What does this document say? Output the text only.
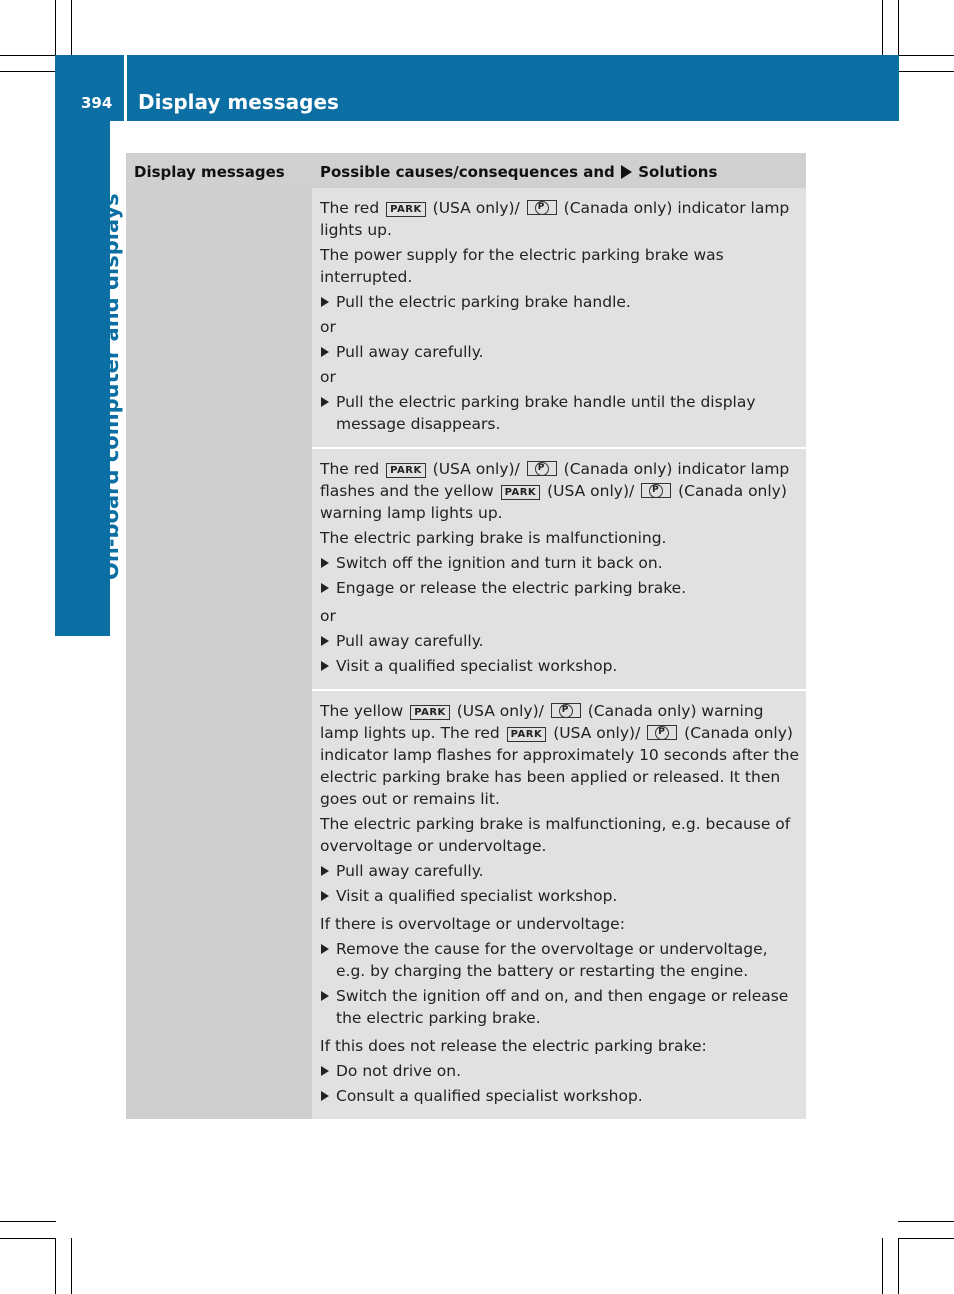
394 Display messages
On-board computer and displays
Display messages	Possible causes/consequences and Solutions
The red PARK (USA only)/ P (Canada only) indicator lamp lights up.
The power supply for the electric parking brake was interrupted.
Pull the electric parking brake handle.
or
Pull away carefully.
or
Pull the electric parking brake handle until the display message disappears.
The red PARK (USA only)/ P (Canada only) indicator lamp flashes and the yellow PARK (USA only)/ P (Canada only) warning lamp lights up.
The electric parking brake is malfunctioning.
Switch off the ignition and turn it back on.
Engage or release the electric parking brake.
or
Pull away carefully.
Visit a qualified specialist workshop.
The yellow PARK (USA only)/ P (Canada only) warning lamp lights up. The red PARK (USA only)/ P (Canada only) indicator lamp flashes for approximately 10 seconds after the electric parking brake has been applied or released. It then goes out or remains lit.
The electric parking brake is malfunctioning, e.g. because of overvoltage or undervoltage.
Pull away carefully.
Visit a qualified specialist workshop.
If there is overvoltage or undervoltage:
Remove the cause for the overvoltage or undervoltage, e.g. by charging the battery or restarting the engine.
Switch the ignition off and on, and then engage or release the electric parking brake.
If this does not release the electric parking brake:
Do not drive on.
Consult a qualified specialist workshop.
